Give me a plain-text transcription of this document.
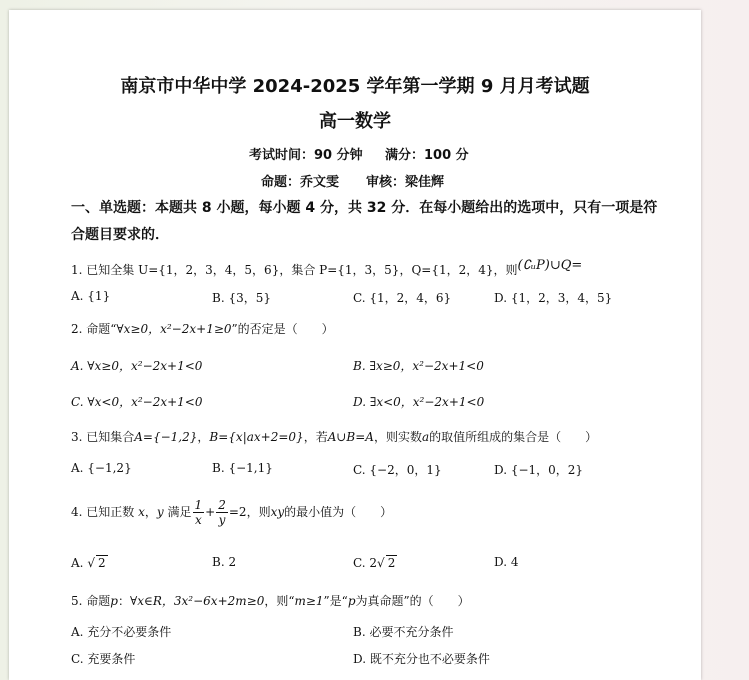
南京市中华中学 2024-2025 学年第一学期 9 月月考试题
高一数学
考试时间：90 分钟 满分：100 分
命题：乔文雯 审核：梁佳辉
一、单选题：本题共 8 小题，每小题 4 分，共 32 分．在每小题给出的选项中，只有一项是符
合题目要求的．
1. 已知全集 U={1，2，3，4，5，6}，集合 P={1，3，5}，Q={1，2，4}，则(∁ᵤP)∪Q=
A. {1}	B. {3，5}	C. {1，2，4，6}	D. {1，2，3，4，5}
2. 命题“∀x≥0，x²−2x+1≥0”的否定是（　　）
A. ∀x≥0，x²−2x+1<0	B. ∃x≥0，x²−2x+1<0
C. ∀x<0，x²−2x+1<0	D. ∃x<0，x²−2x+1<0
3. 已知集合A={−1,2}，B={x|ax+2=0}，若A∪B=A，则实数a的取值所组成的集合是（　　）
A. {−1,2}	B. {−1,1}	C. {−2，0，1}	D. {−1，0，2}
4. 已知正数 x，y 满足 $\frac{1}{x} + \frac{2}{y} =2$，则xy的最小值为（　　）
A. √ 2	B. 2	C. 2√ 2	D. 4
5. 命题p：∀x∈R，3x²−6x+2m≥0，则“m≥1”是“p为真命题”的（　　）
A. 充分不必要条件	B. 必要不充分条件
C. 充要条件	D. 既不充分也不必要条件
